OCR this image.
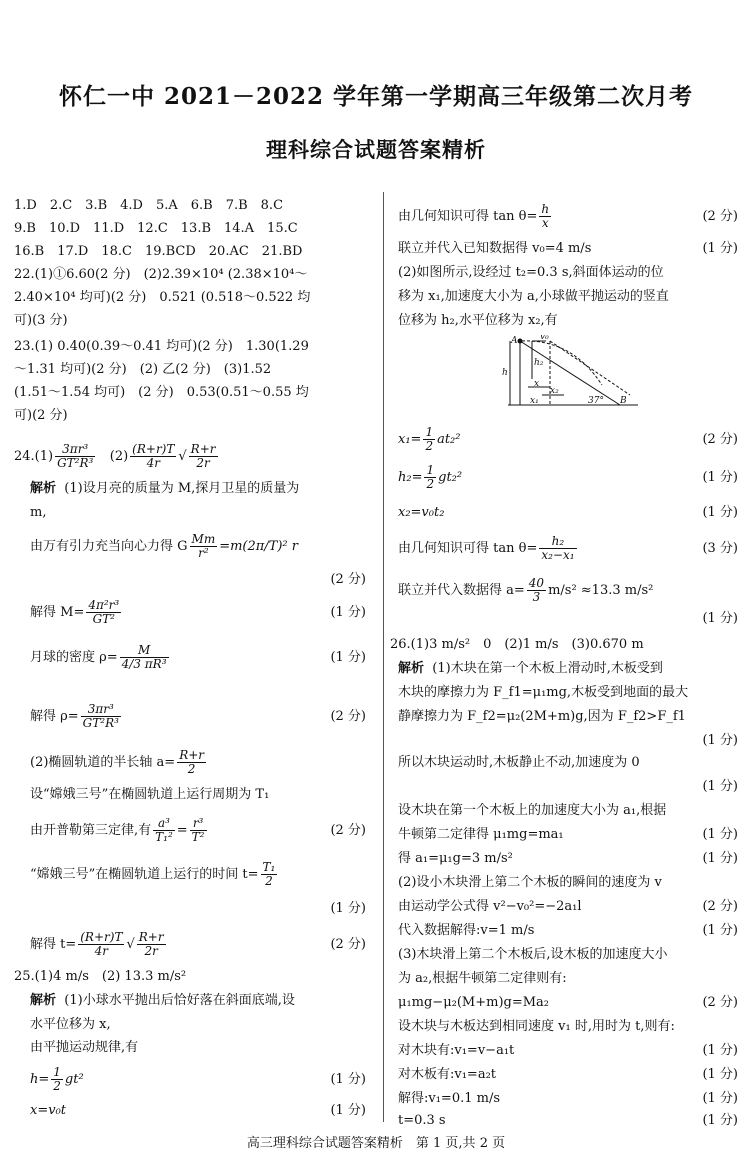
怀仁一中 2021－2022 学年第一学期高三年级第二次月考
理科综合试题答案精析
1.D　2.C　3.B　4.D　5.A　6.B　7.B　8.C
9.B　10.D　11.D　12.C　13.B　14.A　15.C
16.B　17.D　18.C　19.BCD　20.AC　21.BD
22.(1)①6.60(2 分)　(2)2.39×10⁴ (2.38×10⁴～
2.40×10⁴ 均可)(2 分)　0.521 (0.518～0.522 均
可)(3 分)
23.(1) 0.40(0.39～0.41 均可)(2 分)　1.30(1.29
～1.31 均可)(2 分)　(2) 乙(2 分)　(3)1.52
(1.51～1.54 均可)　(2 分)　0.53(0.51～0.55 均
可)(2 分)
$24.(1) \frac{\text{3πr³}}{\text{GT²R³}} (2) \frac{(R+r)T}{4r}$ √ $\frac{R+r}{2r}$
解析 (1)设月亮的质量为 M,探月卫星的质量为
m,
由万有引力充当向心力得 G $\frac{Mm}{\text{r²}} =m(2\pi/T)^2$ r
(2 分)
解得 $M= \frac{\text{4π²r³}}{\text{GT²}}$	(1 分)
月球的密度 $\rho= \frac{M}{\text{4/3 πR³}}$	(1 分)
解得 $\rho= \frac{\text{3πr³}}{\text{GT²R³}}$	(2 分)
(2)椭圆轨道的半长轴 $a= \frac{R+r}{2}$
设“嫦娥三号”在椭圆轨道上运行周期为 T₁
由开普勒第三定律,有 $\frac{\text{a³}}{\text{T₁²}} = \frac{\text{r³}}{\text{T²}}$	(2 分)
“嫦娥三号”在椭圆轨道上运行的时间 $t= \frac{\text{T₁}}{2}$
(1 分)
解得 $t= \frac{(R+r)T}{4r}$ √ $\frac{R+r}{2r}$	(2 分)
25.(1)4 m/s　(2) 13.3 m/s²
解析 (1)小球水平抛出后恰好落在斜面底端,设
水平位移为 x,
由平抛运动规律,有
$h= \frac{1}{2} gt^2$	(1 分)
x=v₀t	(1 分)
由几何知识可得 $\tan \theta= \frac{h}{x}$	(2 分)
联立并代入已知数据得 v₀=4 m/s	(1 分)
(2)如图所示,设经过 t₂=0.3 s,斜面体运动的位
移为 x₁,加速度大小为 a,小球做平抛运动的竖直
位移为 h₂,水平位移为 x₂,有
$x_1= \frac{1}{2} at_2^2$	(2 分)
$h_2= \frac{1}{2} gt_2^2$	(1 分)
x₂=v₀t₂	(1 分)
由几何知识可得 $\tan \theta= \frac{\text{h₂}}{\text{x₂−x₁}}$	(3 分)
联立并代入数据得 $a= \frac{40}{3} m/s^2 \approx 13.3$ m/s²
(1 分)
26.(1)3 m/s²　0　(2)1 m/s　(3)0.670 m
解析 (1)木块在第一个木板上滑动时,木板受到
木块的摩擦力为 F_f1=μ₁mg,木板受到地面的最大
静摩擦力为 F_f2=μ₂(2M+m)g,因为 F_f2>F_f1
(1 分)
所以木块运动时,木板静止不动,加速度为 0
(1 分)
设木块在第一个木板上的加速度大小为 a₁,根据
牛顿第二定律得 μ₁mg=ma₁	(1 分)
得 a₁=μ₁g=3 m/s²	(1 分)
(2)设小木块滑上第二个木板的瞬间的速度为 v
由运动学公式得 v²−v₀²=−2a₁l	(2 分)
代入数据解得:v=1 m/s	(1 分)
(3)木块滑上第二个木板后,设木板的加速度大小
为 a₂,根据牛顿第二定律则有:
μ₁mg−μ₂(M+m)g=Ma₂	(2 分)
设木块与木板达到相同速度 v₁ 时,用时为 t,则有:
对木块有:v₁=v−a₁t	(1 分)
对木板有:v₁=a₂t	(1 分)
解得:v₁=0.1 m/s	(1 分)
t=0.3 s	(1 分)
A	v₀
h₂
h
x
x₂
x₁	37° B
高三理科综合试题答案精析　第 1 页,共 2 页
